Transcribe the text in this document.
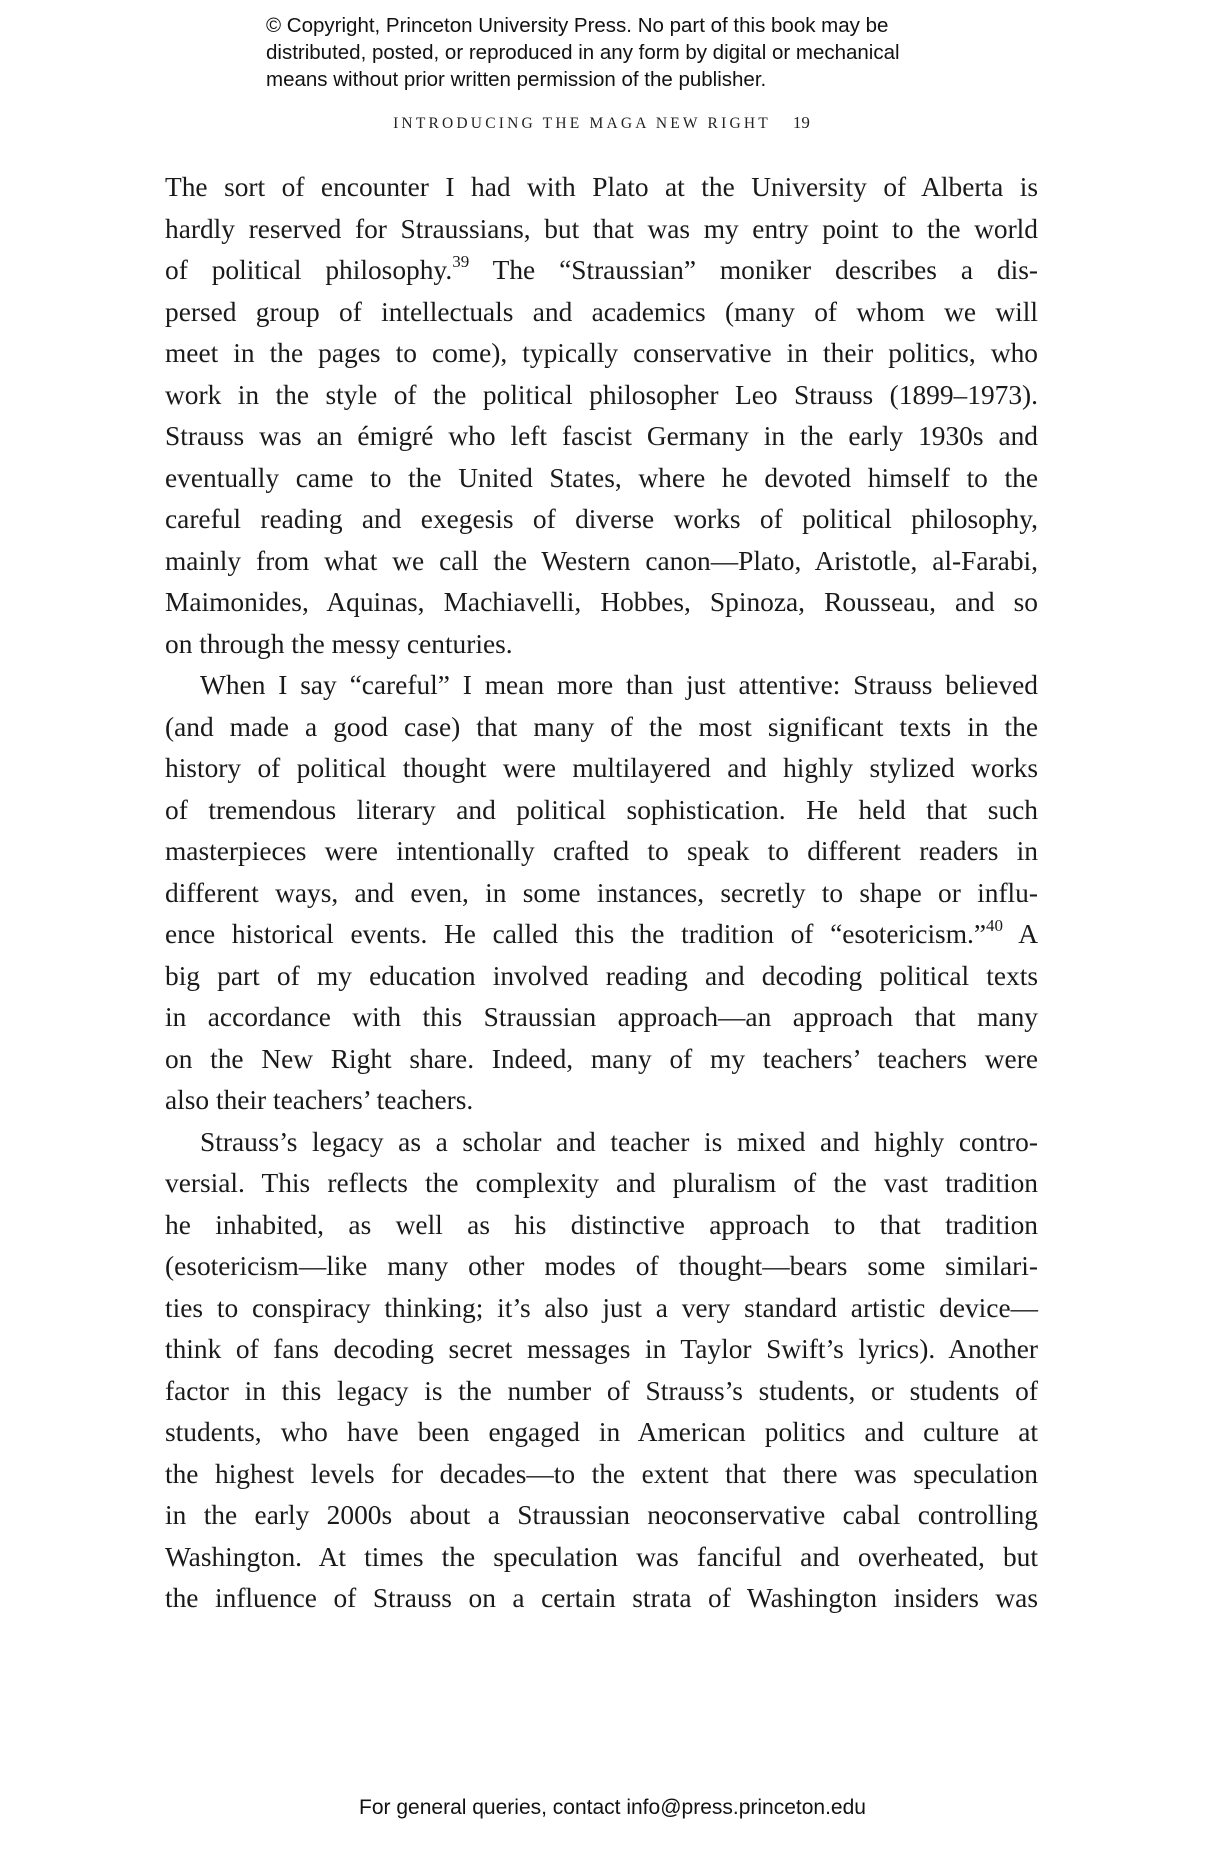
© Copyright, Princeton University Press. No part of this book may be
distributed, posted, or reproduced in any form by digital or mechanical
means without prior written permission of the publisher.
INTRODUCING THE MAGA NEW RIGHT 19
The sort of encounter I had with Plato at the University of Alberta is
hardly reserved for Straussians, but that was my entry point to the world
of political philosophy.$^{39}$ The “Straussian” moniker describes a dis-
persed group of intellectuals and academics (many of whom we will
meet in the pages to come), typically conservative in their politics, who
work in the style of the political philosopher Leo Strauss (1899–1973).
Strauss was an émigré who left fascist Germany in the early 1930s and
eventually came to the United States, where he devoted himself to the
careful reading and exegesis of diverse works of political philosophy,
mainly from what we call the Western canon—Plato, Aristotle, al-Farabi,
Maimonides, Aquinas, Machiavelli, Hobbes, Spinoza, Rousseau, and so
on through the messy centuries.
When I say “careful” I mean more than just attentive: Strauss believed
(and made a good case) that many of the most significant texts in the
history of political thought were multilayered and highly stylized works
of tremendous literary and political sophistication. He held that such
masterpieces were intentionally crafted to speak to different readers in
different ways, and even, in some instances, secretly to shape or influ-
ence historical events. He called this the tradition of “esotericism.”$^{40}$ A
big part of my education involved reading and decoding political texts
in accordance with this Straussian approach—an approach that many
on the New Right share. Indeed, many of my teachers’ teachers were
also their teachers’ teachers.
Strauss’s legacy as a scholar and teacher is mixed and highly contro-
versial. This reflects the complexity and pluralism of the vast tradition
he inhabited, as well as his distinctive approach to that tradition
(esotericism—like many other modes of thought—bears some similari-
ties to conspiracy thinking; it’s also just a very standard artistic device—
think of fans decoding secret messages in Taylor Swift’s lyrics). Another
factor in this legacy is the number of Strauss’s students, or students of
students, who have been engaged in American politics and culture at
the highest levels for decades—to the extent that there was speculation
in the early 2000s about a Straussian neoconservative cabal controlling
Washington. At times the speculation was fanciful and overheated, but
the influence of Strauss on a certain strata of Washington insiders was
For general queries, contact info@press.princeton.edu
